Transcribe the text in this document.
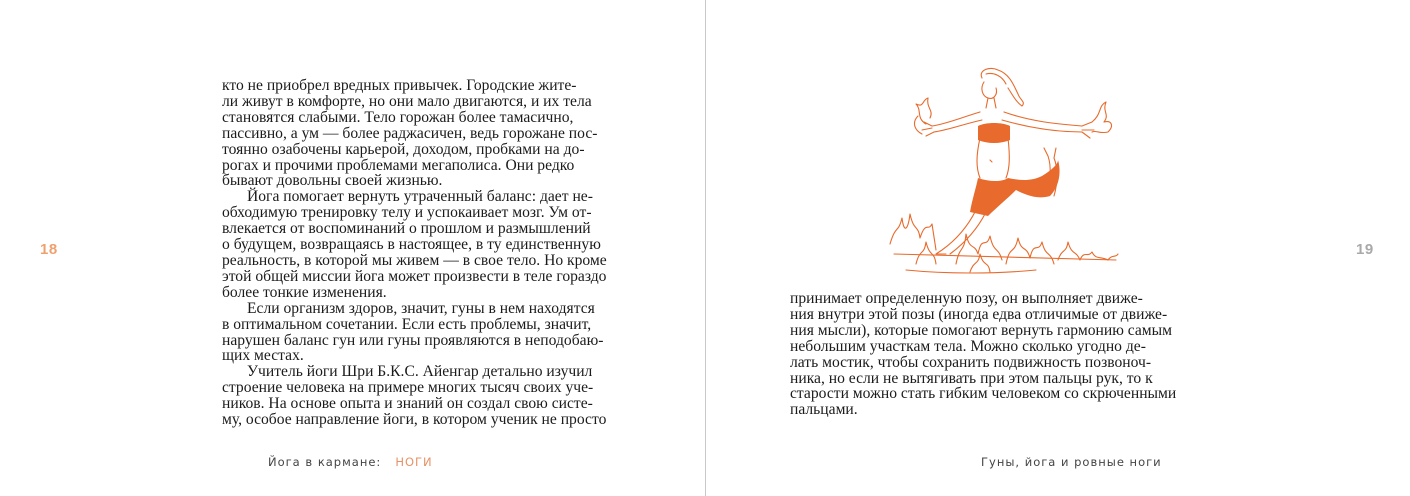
18
кто не приобрел вредных привычек. Городские жите-
ли живут в комфорте, но они мало двигаются, и их тела
становятся слабыми. Тело горожан более тамасично,
пассивно, а ум — более раджасичен, ведь горожане пос-
тоянно озабочены карьерой, доходом, пробками на до-
рогах и прочими проблемами мегаполиса. Они редко
бывают довольны своей жизнью.
Йога помогает вернуть утраченный баланс: дает не-
обходимую тренировку телу и успокаивает мозг. Ум от-
влекается от воспоминаний о прошлом и размышлений
о будущем, возвращаясь в настоящее, в ту единственную
реальность, в которой мы живем — в свое тело. Но кроме
этой общей миссии йога может произвести в теле гораздо
более тонкие изменения.
Если организм здоров, значит, гуны в нем находятся
в оптимальном сочетании. Если есть проблемы, значит,
нарушен баланс гун или гуны проявляются в неподобаю-
щих местах.
Учитель йоги Шри Б.К.С. Айенгар детально изучил
строение человека на примере многих тысяч своих уче-
ников. На основе опыта и знаний он создал свою систе-
му, особое направление йоги, в котором ученик не просто
Йога в кармане: НОГИ
19
принимает определенную позу, он выполняет движе-
ния внутри этой позы (иногда едва отличимые от движе-
ния мысли), которые помогают вернуть гармонию самым
небольшим участкам тела. Можно сколько угодно де-
лать мостик, чтобы сохранить подвижность позвоноч-
ника, но если не вытягивать при этом пальцы рук, то к
старости можно стать гибким человеком со скрюченными
пальцами.
Гуны, йога и ровные ноги
